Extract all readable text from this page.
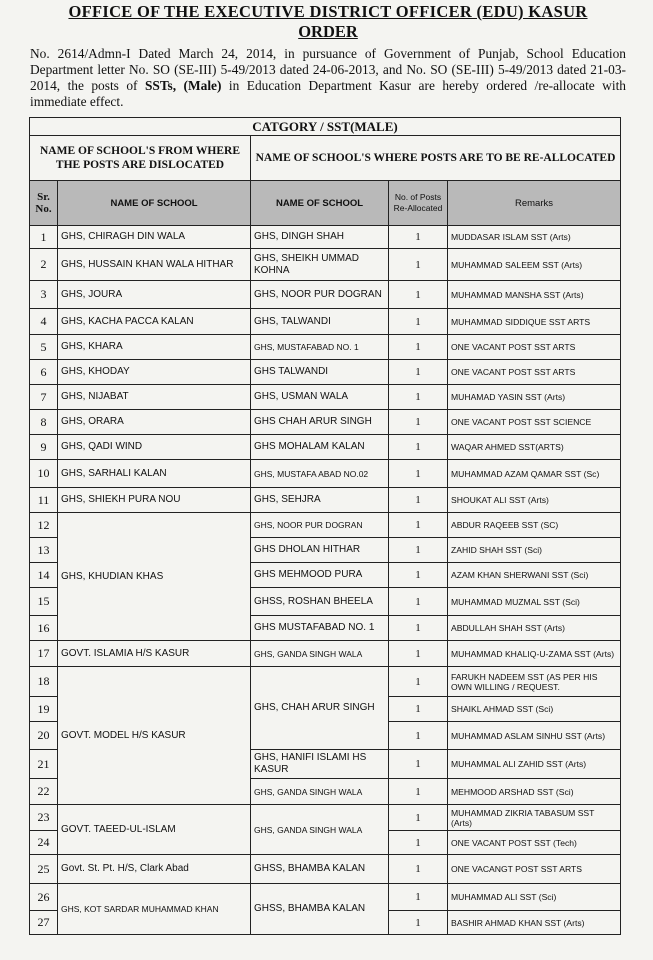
OFFICE OF THE EXECUTIVE DISTRICT OFFICER (EDU) KASUR
ORDER
No. 2614/Admn-I Dated March 24, 2014, in pursuance of Government of Punjab, School Education Department letter No. SO (SE-III) 5-49/2013 dated 24-06-2013, and No. SO (SE-III) 5-49/2013 dated 21-03-2014, the posts of SSTs, (Male) in Education Department Kasur are hereby ordered /re-allocate with immediate effect.
CATGORY / SST(MALE)				
NAME OF SCHOOL'S FROM WHERE THE POSTS ARE DISLOCATED		NAME OF SCHOOL'S WHERE POSTS ARE TO BE RE-ALLOCATED		
Sr. No.	NAME OF SCHOOL	NAME OF SCHOOL	No. of Posts Re-Allocated	Remarks
1	GHS, CHIRAGH DIN WALA	GHS, DINGH SHAH	1	MUDDASAR ISLAM SST (Arts)
2	GHS, HUSSAIN KHAN WALA HITHAR	GHS, SHEIKH UMMAD KOHNA	1	MUHAMMAD SALEEM SST (Arts)
3	GHS, JOURA	GHS, NOOR PUR DOGRAN	1	MUHAMMAD MANSHA SST (Arts)
4	GHS, KACHA PACCA KALAN	GHS, TALWANDI	1	MUHAMMAD SIDDIQUE SST ARTS
5	GHS, KHARA	GHS, MUSTAFABAD NO. 1	1	ONE VACANT POST SST ARTS
6	GHS, KHODAY	GHS TALWANDI	1	ONE VACANT POST SST ARTS
7	GHS, NIJABAT	GHS, USMAN WALA	1	MUHAMAD YASIN SST (Arts)
8	GHS, ORARA	GHS CHAH ARUR SINGH	1	ONE VACANT POST SST SCIENCE
9	GHS, QADI WIND	GHS MOHALAM KALAN	1	WAQAR AHMED SST(ARTS)
10	GHS, SARHALI KALAN	GHS, MUSTAFA ABAD NO.02	1	MUHAMMAD AZAM QAMAR SST (Sc)
11	GHS, SHIEKH PURA NOU	GHS, SEHJRA	1	SHOUKAT ALI SST (Arts)
12	GHS, KHUDIAN KHAS	GHS, NOOR PUR DOGRAN	1	ABDUR RAQEEB SST (SC)
13		GHS DHOLAN HITHAR	1	ZAHID SHAH SST (Sci)
14		GHS MEHMOOD PURA	1	AZAM KHAN SHERWANI SST (Sci)
15		GHSS, ROSHAN BHEELA	1	MUHAMMAD MUZMAL SST (Sci)
16		GHS MUSTAFABAD NO. 1	1	ABDULLAH SHAH SST (Arts)
17	GOVT. ISLAMIA H/S KASUR	GHS, GANDA SINGH WALA	1	MUHAMMAD KHALIQ-U-ZAMA SST (Arts)
18	GOVT. MODEL H/S KASUR	GHS, CHAH ARUR SINGH	1	FARUKH NADEEM SST (AS PER HIS OWN WILLING / REQUEST.
19			1	SHAIKL AHMAD SST (Sci)
20			1	MUHAMMAD ASLAM SINHU SST (Arts)
21		GHS, HANIFI ISLAMI HS KASUR	1	MUHAMMAL ALI ZAHID SST (Arts)
22		GHS, GANDA SINGH WALA	1	MEHMOOD ARSHAD SST (Sci)
23	GOVT. TAEED-UL-ISLAM	GHS, GANDA SINGH WALA	1	MUHAMMAD ZIKRIA TABASUM SST (Arts)
24			1	ONE VACANT POST SST (Tech)
25	Govt. St. Pt. H/S, Clark Abad	GHSS, BHAMBA KALAN	1	ONE VACANGT POST SST ARTS
26	GHS, KOT SARDAR MUHAMMAD KHAN	GHSS, BHAMBA KALAN	1	MUHAMMAD ALI SST (Sci)
27			1	BASHIR AHMAD KHAN SST (Arts)
